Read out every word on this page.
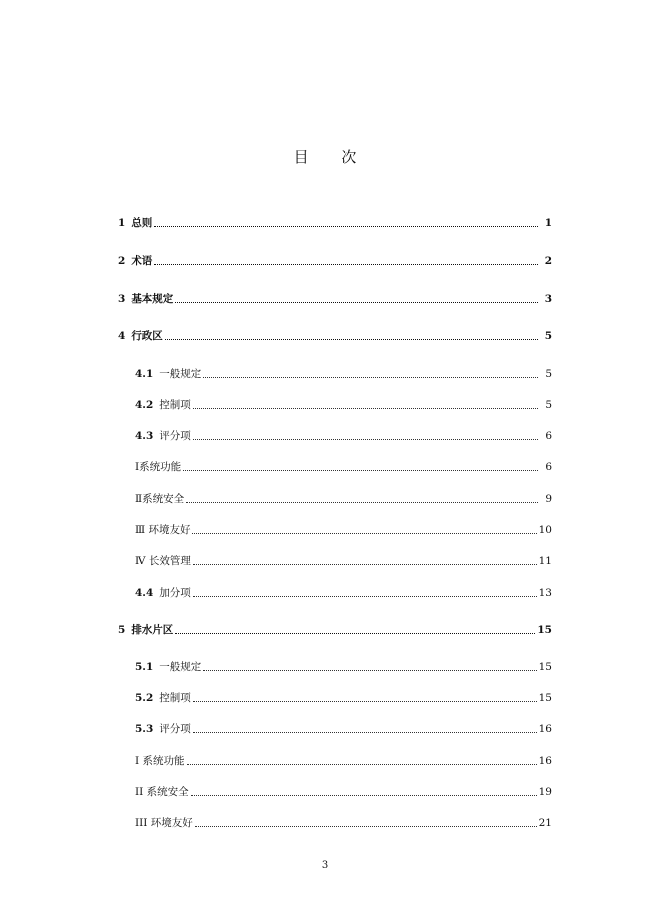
目 次
1 总则	1
2 术语	2
3 基本规定	3
4 行政区	5
4.1 一般规定	5
4.2 控制项	5
4.3 评分项	6
Ⅰ系统功能	6
Ⅱ系统安全	9
Ⅲ 环境友好	10
Ⅳ 长效管理	11
4.4 加分项	13
5 排水片区	15
5.1 一般规定	15
5.2 控制项	15
5.3 评分项	16
I 系统功能	16
II 系统安全	19
III 环境友好	21
3
